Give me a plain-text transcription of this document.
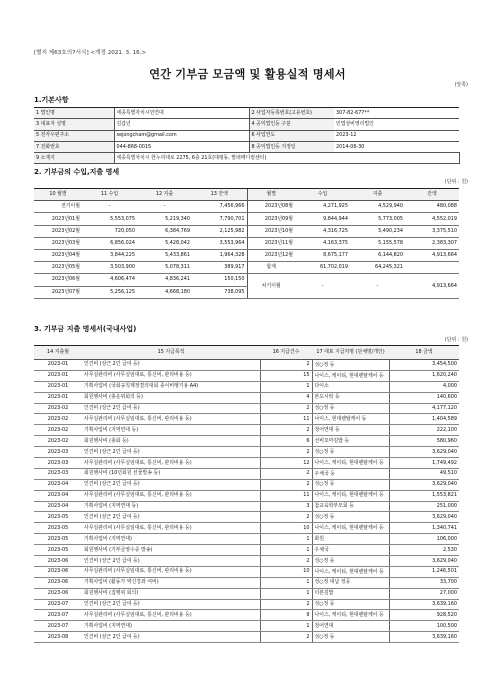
[별지 제63호의7서식] <개정 2021. 3. 16.>
연간 기부금 모금액 및 활용실적 명세서
(앞쪽)
1.기본사항
1 법인명	세종특별자치시민연대	2 사업자등록번호(고유번호)	307-82-677**
3 대표자 성명	김갑년	4 공익법인등 구분	민법상비영리법인
5 전자우편주소	sejongcham@gmail.com	6 사업연도	2023-12
7 전화번호	044-868-0015	8 공익법인등 지정일	2014-06-30
9 소재지	세종특별자치시 한누리대로 2275, 6층 21호(대평동, 말떠메디컬센터)		
2. 기부금의 수입,지출 명세
(단위 : 원)
10 월별	11 수입	12 지출	13 잔액	월별	수입	지출	잔액
전기이월	-	-	7,456,966	2023년08월	4,271,925	4,529,940	480,088
2023년01월	5,553,075	5,219,340	7,790,701	2023년09월	9,844,944	5,773,005	4,552,019
2023년02월	720,050	6,384,769	2,125,982	2023년10월	4,316,725	5,490,234	3,375,510
2023년03월	6,856,024	5,428,042	3,553,964	2023년11월	4,163,375	5,155,578	2,383,307
2023년04월	3,844,225	5,433,861	1,964,328	2023년12월	8,675,177	6,144,820	4,913,664
2023년05월	3,503,900	5,078,311	389,917	합계	61,702,019	64,245,321	
2023년06월	4,606,474	4,836,241	150,150	차기이월	-	-	4,913,664
2023년07월	5,256,125	4,668,180	738,095				
3. 기부금 지출 명세서(국내사업)
(단위 : 원)
14 지출월	15 지급목적	16 지급건수	17 대표 지급처명 (단체명/개인)	18 금액
2023-01	인건비 (상근 2인 급여 등)	2	성○정 등	3,454,500
2023-01	사무실관리비 (사무실임대료, 통신비, 관리비용 등)	15	나이스, 케이티, 현대렌탈케어 등	1,620,240
2023-01	기획사업비 (국회규칙제정결의대회 종이비행기용 A4)	1	다이소	4,000
2023-01	회원행사비 (총운위회의 등)	4	본도시락 등	140,600
2023-02	인건비 (상근 2인 급여 등)	2	성○정 등	4,177,120
2023-02	사무실관리비 (사무실임대료, 통신비, 관리비용 등)	11	나이스, 현대렌탈케어 등	1,404,589
2023-02	기획사업비 (지역연대 등)	2	청어연대 등	222,100
2023-02	회원행사비 (총회 등)	6	선비꼬마김밥 등	580,960
2023-03	인건비 (상근 2인 급여 등)	2	성○정 등	3,629,040
2023-03	사무실관리비 (사무실임대료, 통신비, 관리비용 등)	12	나이스, 케이티, 현대렌탈케어 등	1,749,492
2023-03	회원행사비 (10년회원 선물발송 등)	2	우체국 등	49,510
2023-04	인건비 (상근 2인 급여 등)	2	성○정 등	3,629,040
2023-04	사무실관리비 (사무실임대료, 통신비, 관리비용 등)	11	나이스, 케이티, 현대렌탈케어 등	1,553,821
2023-04	기획사업비 (지역연대 등)	3	참교육학부모회 등	251,000
2023-05	인건비 (상근 2인 급여 등)	2	성○정 등	3,629,040
2023-05	사무실관리비 (사무실임대료, 통신비, 관리비용 등)	10	나이스, 케이티, 현대렌탈케어 등	1,340,741
2023-05	기획사업비 (지역연대)	1	화원	106,000
2023-05	회원행사비 (기부금영수증 발송)	1	우체국	2,530
2023-06	인건비 (상근 2인 급여 등)	2	성○정 등	3,629,040
2023-06	사무실관리비 (사무실임대료, 통신비, 관리비용 등)	10	나이스, 케이티, 현대렌탈케어 등	1,246,501
2023-06	기획사업비 (활동가 역신강좌 여비)	1	성○정 대납 정공	33,700
2023-06	회원행사비 (집행위 회의)	1	더본김밥	27,000
2023-07	인건비 (상근 2인 급여 등)	2	성○정 등	3,639,160
2023-07	사무실관리비 (사무실임대료, 통신비, 관리비용 등)	9	나이스, 케이티, 현대렌탈케어 등	928,520
2023-07	기획사업비 (지역연대)	1	청어연대	100,500
2023-08	인건비 (상근 2인 급여 등)	2	성○정 등	3,639,160
